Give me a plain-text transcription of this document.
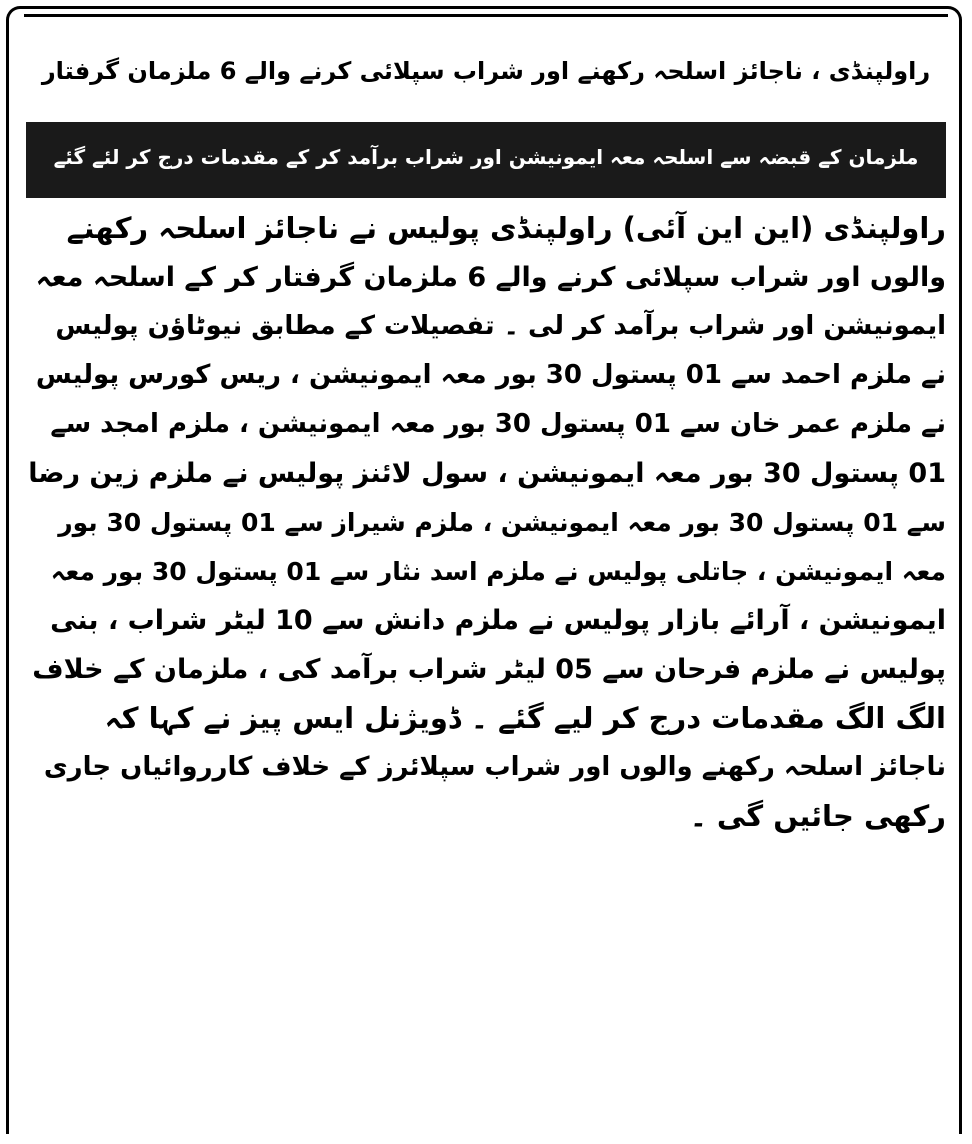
راولپنڈی ، ناجائز اسلحہ رکھنے اور شراب سپلائی کرنے والے 6 ملزمان گرفتار
ملزمان کے قبضہ سے اسلحہ معہ ایمونیشن اور شراب برآمد کر کے مقدمات درج کر لئے گئے
راولپنڈی (این این آئی) راولپنڈی پولیس نے ناجائز اسلحہ رکھنے
والوں اور شراب سپلائی کرنے والے 6 ملزمان گرفتار کر کے اسلحہ معہ
ایمونیشن اور شراب برآمد کر لی ۔ تفصیلات کے مطابق نیوٹاؤن پولیس
نے ملزم احمد سے 01 پستول 30 بور معہ ایمونیشن ، ریس کورس پولیس
نے ملزم عمر خان سے 01 پستول 30 بور معہ ایمونیشن ، ملزم امجد سے
01 پستول 30 بور معہ ایمونیشن ، سول لائنز پولیس نے ملزم زین رضا
سے 01 پستول 30 بور معہ ایمونیشن ، ملزم شیراز سے 01 پستول 30 بور
معہ ایمونیشن ، جاتلی پولیس نے ملزم اسد نثار سے 01 پستول 30 بور معہ
ایمونیشن ، آرائے بازار پولیس نے ملزم دانش سے 10 لیٹر شراب ، بنی
پولیس نے ملزم فرحان سے 05 لیٹر شراب برآمد کی ، ملزمان کے خلاف
الگ الگ مقدمات درج کر لیے گئے ۔ ڈویژنل ایس پیز نے کہا کہ
ناجائز اسلحہ رکھنے والوں اور شراب سپلائرز کے خلاف کارروائیاں جاری
رکھی جائیں گی ۔
